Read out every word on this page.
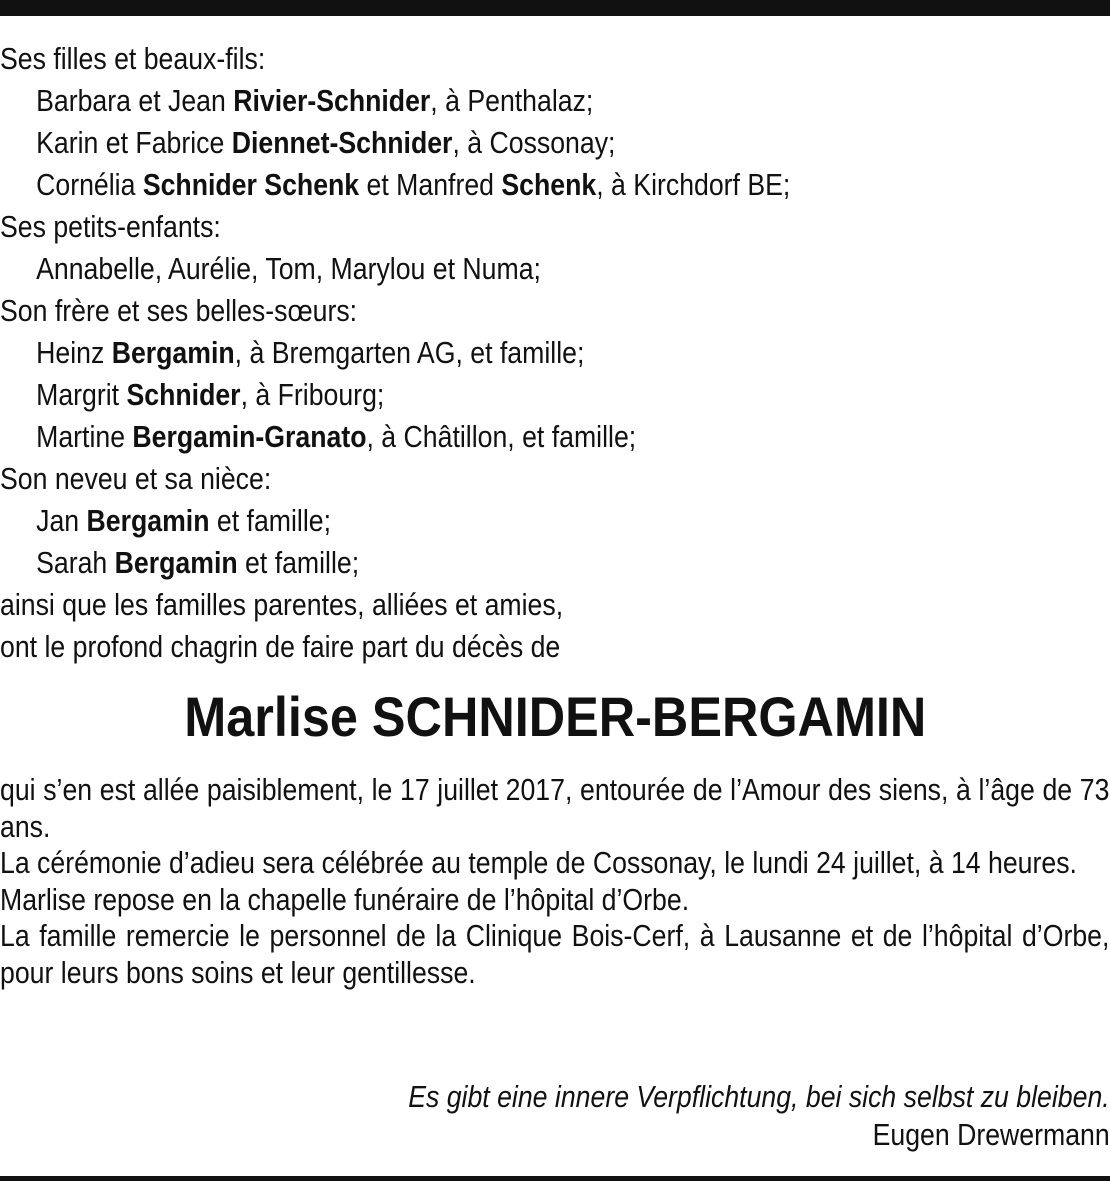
Ses filles et beaux-fils:
Barbara et Jean Rivier-Schnider, à Penthalaz;
Karin et Fabrice Diennet-Schnider, à Cossonay;
Cornélia Schnider Schenk et Manfred Schenk, à Kirchdorf BE;
Ses petits-enfants:
Annabelle, Aurélie, Tom, Marylou et Numa;
Son frère et ses belles-sœurs:
Heinz Bergamin, à Bremgarten AG, et famille;
Margrit Schnider, à Fribourg;
Martine Bergamin-Granato, à Châtillon, et famille;
Son neveu et sa nièce:
Jan Bergamin et famille;
Sarah Bergamin et famille;
ainsi que les familles parentes, alliées et amies,
ont le profond chagrin de faire part du décès de
Marlise SCHNIDER-BERGAMIN
qui s’en est allée paisiblement, le 17 juillet 2017, entourée de l’Amour des siens, à l’âge de 73 ans.
La cérémonie d’adieu sera célébrée au temple de Cossonay, le lundi 24 juillet, à 14 heures.
Marlise repose en la chapelle funéraire de l’hôpital d’Orbe.
La famille remercie le personnel de la Clinique Bois-Cerf, à Lausanne et de l’hôpital d’Orbe, pour leurs bons soins et leur gentillesse.
Es gibt eine innere Verpflichtung, bei sich selbst zu bleiben.
Eugen Drewermann
